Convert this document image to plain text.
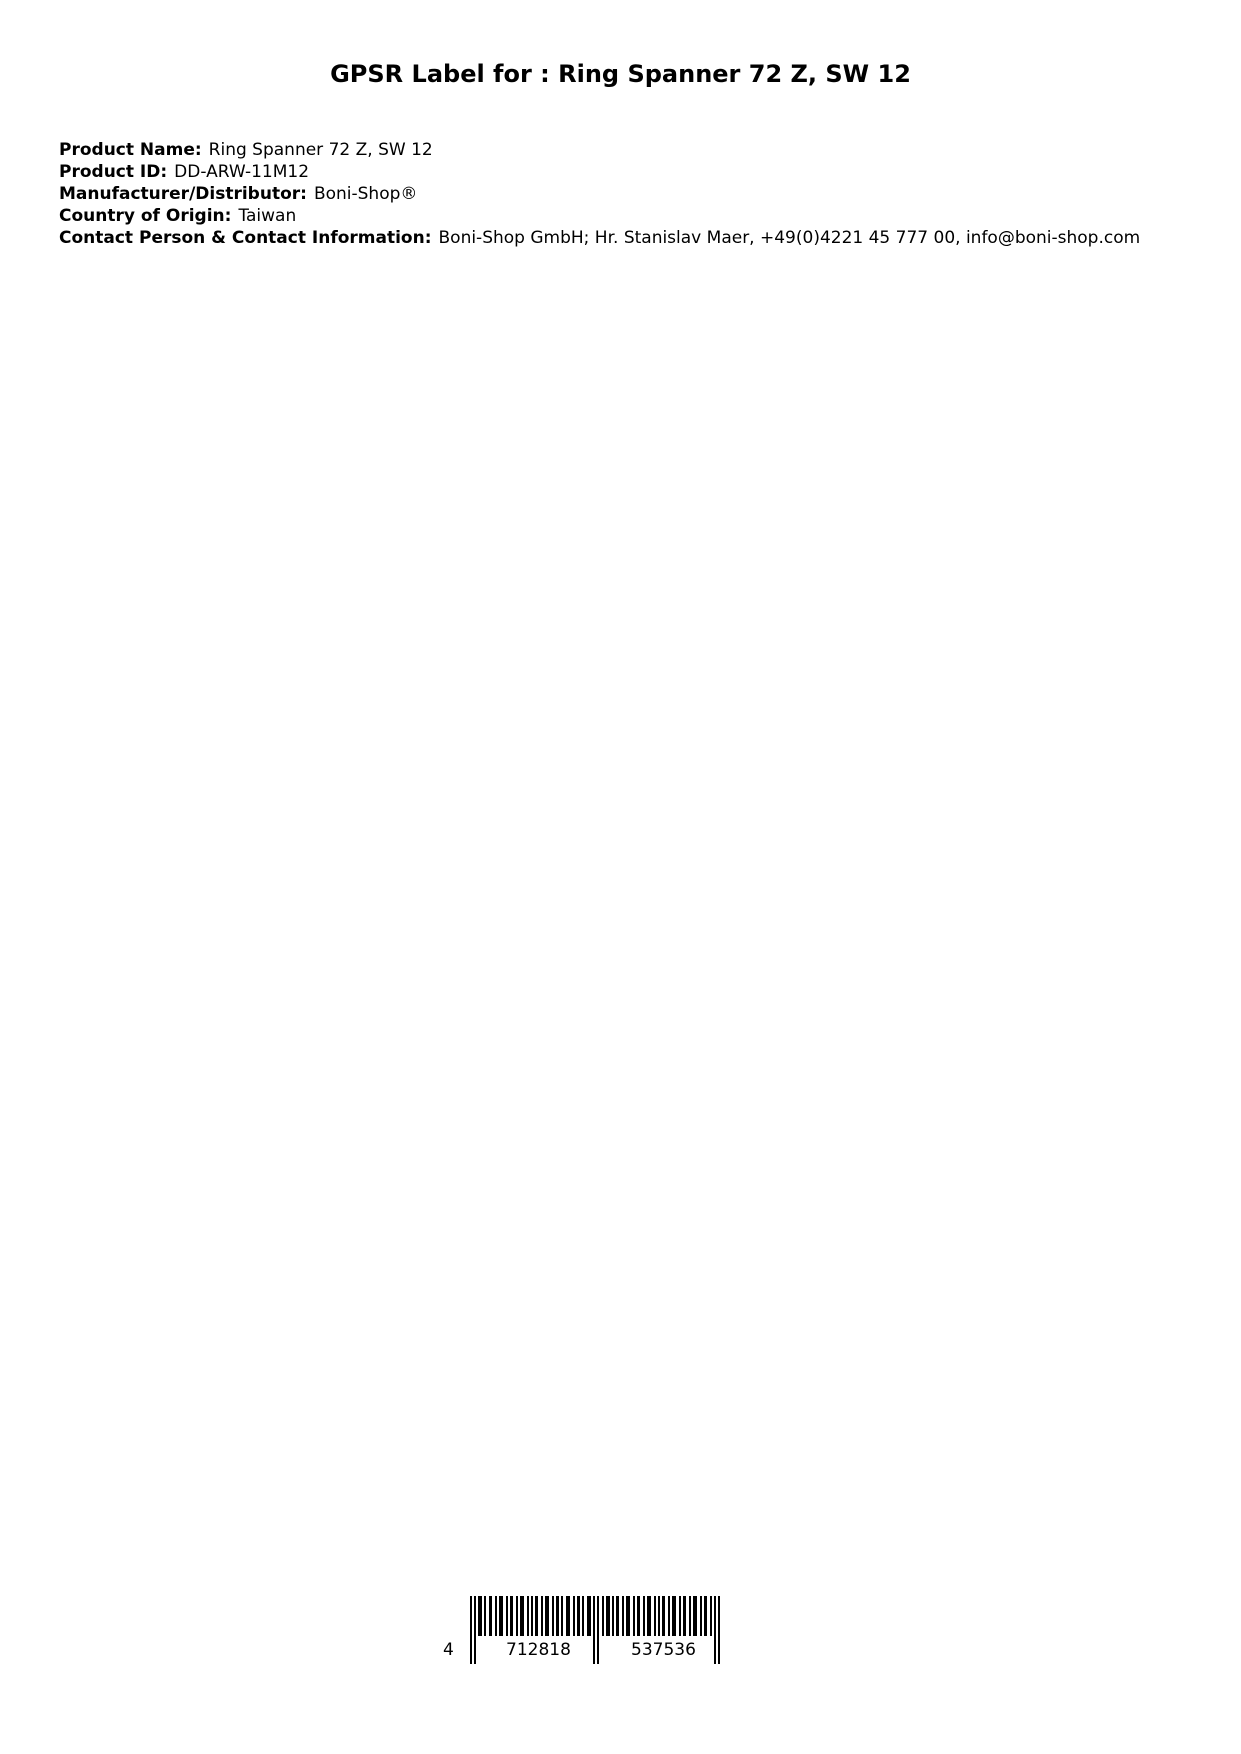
GPSR Label for : Ring Spanner 72 Z, SW 12
Product Name: Ring Spanner 72 Z, SW 12
Product ID: DD-ARW-11M12
Manufacturer/Distributor: Boni-Shop®
Country of Origin: Taiwan
Contact Person & Contact Information: Boni-Shop GmbH; Hr. Stanislav Maer, +49(0)4221 45 777 00, info@boni-shop.com
4	712818	537536
